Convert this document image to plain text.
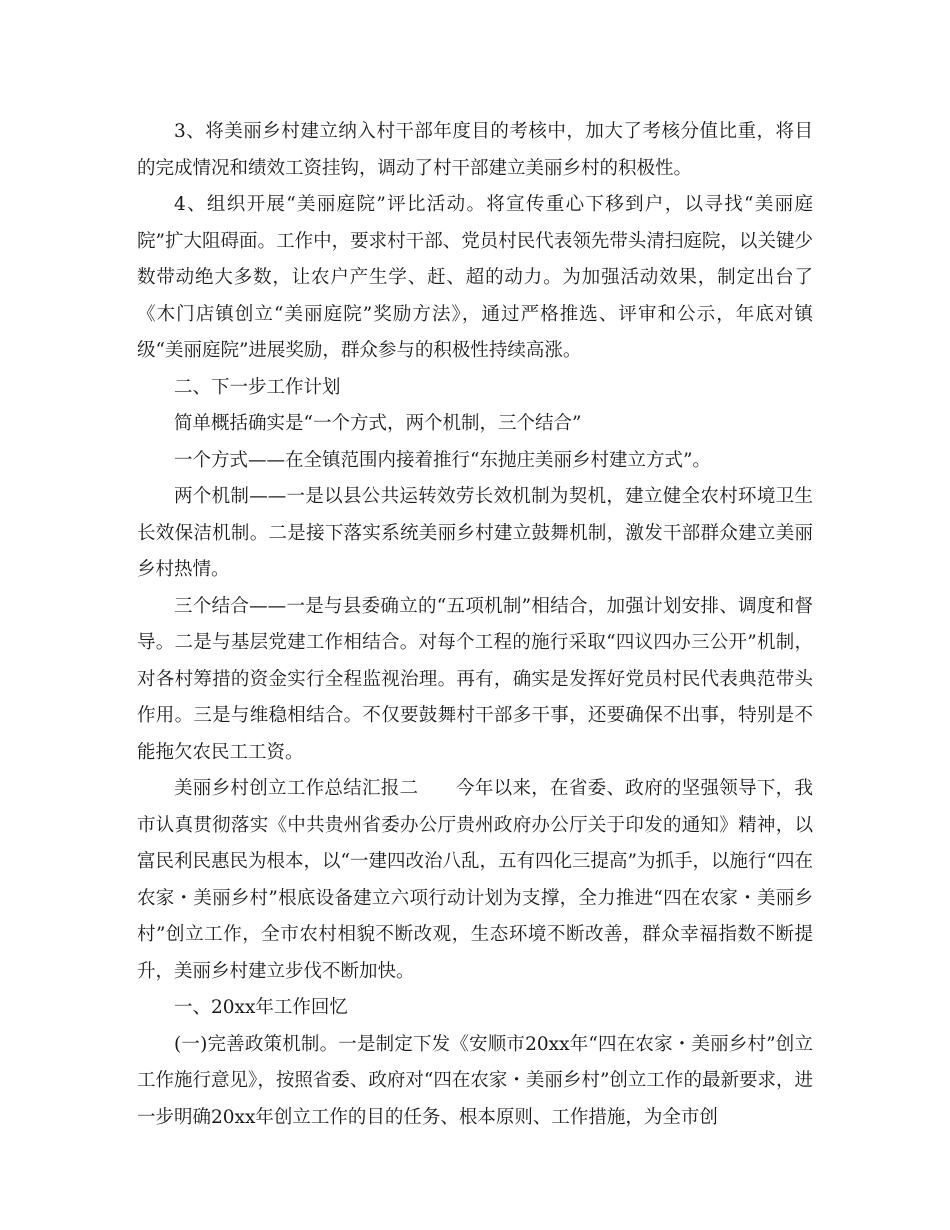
3、将美丽乡村建立纳入村干部年度目的考核中，加大了考核分值比重，将目的完成情况和绩效工资挂钩，调动了村干部建立美丽乡村的积极性。

4、组织开展“美丽庭院”评比活动。将宣传重心下移到户，以寻找“美丽庭院”扩大阻碍面。工作中，要求村干部、党员村民代表领先带头清扫庭院，以关键少数带动绝大多数，让农户产生学、赶、超的动力。为加强活动效果，制定出台了《木门店镇创立“美丽庭院”奖励方法》，通过严格推选、评审和公示，年底对镇级“美丽庭院”进展奖励，群众参与的积极性持续高涨。

二、下一步工作计划

简单概括确实是“一个方式，两个机制，三个结合”

一个方式——在全镇范围内接着推行“东抛庄美丽乡村建立方式”。

两个机制——一是以县公共运转效劳长效机制为契机，建立健全农村环境卫生长效保洁机制。二是接下落实系统美丽乡村建立鼓舞机制，激发干部群众建立美丽乡村热情。

三个结合——一是与县委确立的“五项机制”相结合，加强计划安排、调度和督导。二是与基层党建工作相结合。对每个工程的施行采取“四议四办三公开”机制，对各村筹措的资金实行全程监视治理。再有，确实是发挥好党员村民代表典范带头作用。三是与维稳相结合。不仅要鼓舞村干部多干事，还要确保不出事，特别是不能拖欠农民工工资。

美丽乡村创立工作总结汇报二　　今年以来，在省委、政府的坚强领导下，我市认真贯彻落实《中共贵州省委办公厅贵州政府办公厅关于印发的通知》精神，以富民利民惠民为根本，以“一建四改治八乱，五有四化三提高”为抓手，以施行“四在农家・美丽乡村”根底设备建立六项行动计划为支撑，全力推进“四在农家・美丽乡村”创立工作，全市农村相貌不断改观，生态环境不断改善，群众幸福指数不断提升，美丽乡村建立步伐不断加快。

一、20xx年工作回忆

(一)完善政策机制。一是制定下发《安顺市20xx年“四在农家・美丽乡村”创立工作施行意见》，按照省委、政府对“四在农家・美丽乡村”创立工作的最新要求，进一步明确20xx年创立工作的目的任务、根本原则、工作措施，为全市创
